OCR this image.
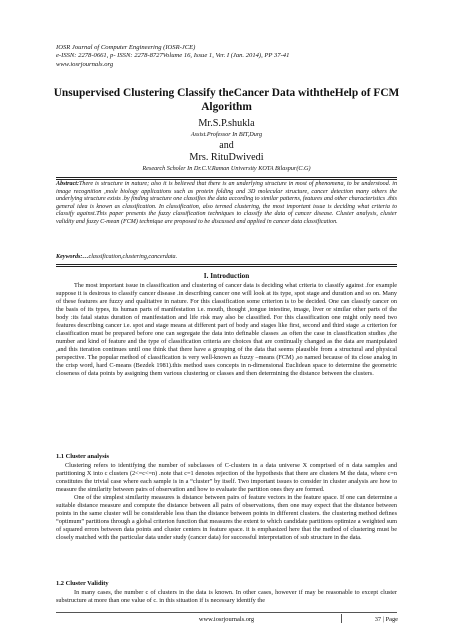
IOSR Journal of Computer Engineering (IOSR-JCE)
e-ISSN: 2278-0661, p- ISSN: 2278-8727Volume 16, Issue 1, Ver. I (Jan. 2014), PP 37-41
www.iosrjournals.org
Unsupervised Clustering Classify theCancer Data withtheHelp of FCM Algorithm
Mr.S.P.shukla
Assist.Professor In BIT,Durg
and
Mrs. RituDwivedi
Research Scholer In Dr.C.V.Raman University KOTA Bilaspur(C.G)
Abstract:There is structure in nature; also it is believed that there is an underlying structure in most of phenomena, to be understood. in image recognition ,mole biology applications such as protein folding and 3D molecular structure, cancer detection many others the underlying structure exists .by finding structure one classifies the data according to similar patterns, features and other characteristics .this general idea is known as classification. In classification, also termed clustering, the most important issue is deciding what criteria to classify against.This paper presents the fuzzy classification techniques to classify the data of cancer disease. Cluster analysis, cluster validity and fuzzy C-mean (FCM) technique are proposed to be discussed and applied in cancer data classification.
Keywords:…classification,clustering,cancerdata.
I. Introduction
The most important issue in classification and clustering of cancer data is deciding what criteria to classify against .for example suppose it is desirous to classify cancer disease .in describing cancer one will look at its type, spot stage and duration and so on. Many of these features are fuzzy and qualitative in nature. For this classification some criterion is to be decided. One can classify cancer on the basis of its types, its human parts of manifestation i.e. mouth, thought ,tongue intestine, image, liver or similar other parts of the body :its fatal status duration of manifestation and life risk may also be classified. For this classification one might only need two features describing cancer i.e. spot and stage means at different part of body and stages like first, second and third stage .a criterion for classification must be prepared before one can segregate the data into definable classes .as often the case in classification studies ,the number and kind of feature and the type of classification criteria are choices that are continually changed as the data are manipulated ,and this iteration continues until one think that there have a grouping of the data that seems plausible from a structural and physical perspective. The popular method of classification is very well-known as fuzzy –means (FCM) ,so named because of its close analog in the crisp word, hard C-means (Bezdek 1981).this method uses concepts in n-dimensional Euclidean space to determine the geometric closeness of data points by assigning them various clustering or classes and then determining the distance between the clusters.
1.1 Cluster analysis
Clustering refers to identifying the number of subclasses of C-clusters in a data universe X comprised of n data samples and partitioning X into c clusters (2<=c<=n) .note that c=1 denotes rejection of the hypothesis that there are clusters M the data, where c=n constitutes the trivial case where each sample is in a “cluster” by itself. Two important issues to consider in cluster analysis are how to measure the similarity between pairs of observation and how to evaluate the partition ones they are formed.
One of the simplest similarity measures is distance between pairs of feature vectors in the feature space. If one can determine a suitable distance measure and compute the distance between all pairs of observations, then one may expect that the distance between points in the same cluster will be considerable less than the distance between points in different clusters. the clustering method defines “optimum” partitions through a global criterion function that measures the extent to which candidate partitions optimize a weighted sum of squared errors between data points and cluster centers in feature space. it is emphasized here that the method of clustering must be closely matched with the particular data under study (cancer data) for successful interpretation of sub structure in the data.
1.2 Cluster Validity
In many cases, the number c of clusters in the data is known. In other cases, however if may be reasonable to except cluster substructure at more than one value of c. in this situation if is necessary identify the
www.iosrjournals.org	37 | Page
